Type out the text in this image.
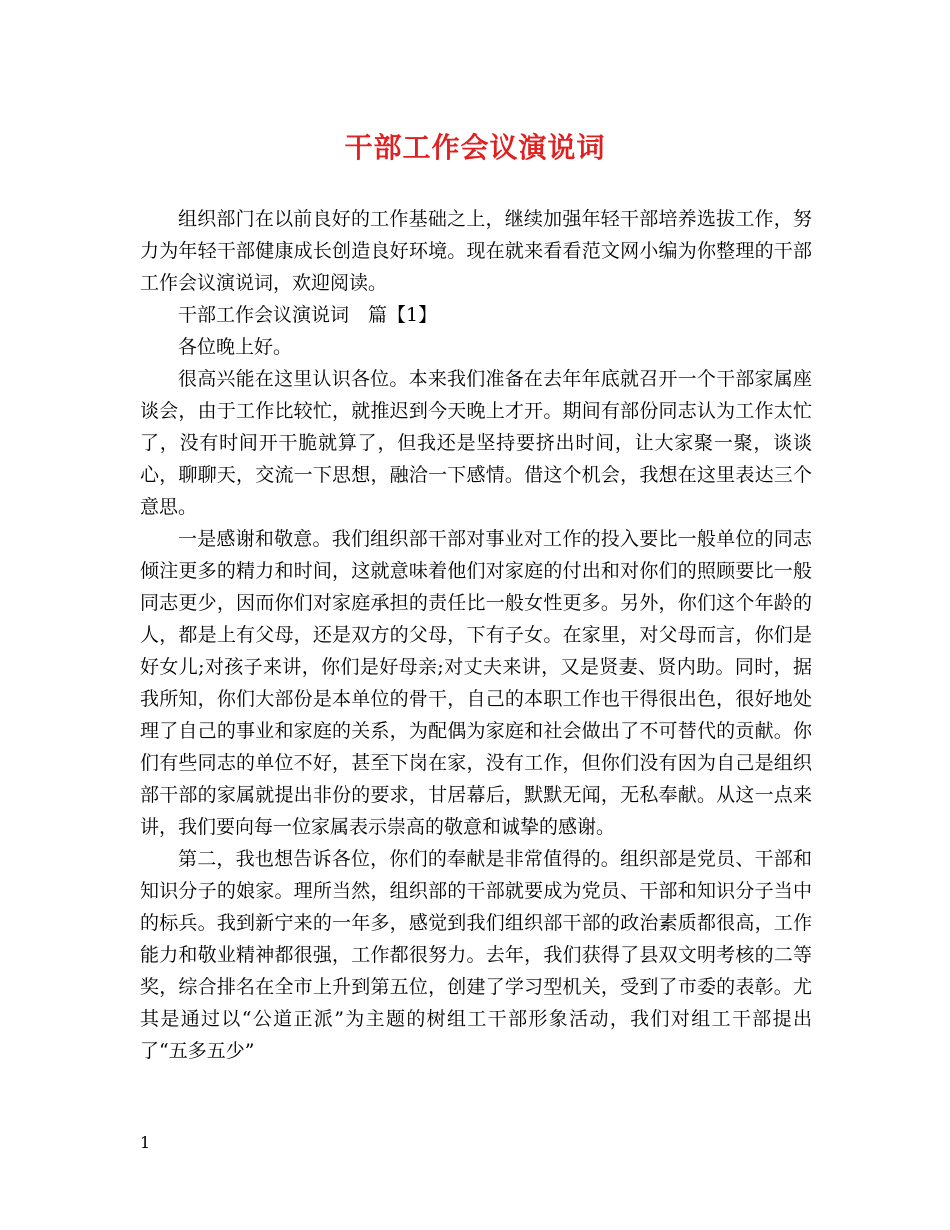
干部工作会议演说词

组织部门在以前良好的工作基础之上，继续加强年轻干部培养选拔工作，努力为年轻干部健康成长创造良好环境。现在就来看看范文网小编为你整理的干部工作会议演说词，欢迎阅读。

干部工作会议演说词　篇【1】

各位晚上好。

很高兴能在这里认识各位。本来我们准备在去年年底就召开一个干部家属座谈会，由于工作比较忙，就推迟到今天晚上才开。期间有部份同志认为工作太忙了，没有时间开干脆就算了，但我还是坚持要挤出时间，让大家聚一聚，谈谈心，聊聊天，交流一下思想，融洽一下感情。借这个机会，我想在这里表达三个意思。

一是感谢和敬意。我们组织部干部对事业对工作的投入要比一般单位的同志倾注更多的精力和时间，这就意味着他们对家庭的付出和对你们的照顾要比一般同志更少，因而你们对家庭承担的责任比一般女性更多。另外，你们这个年龄的人，都是上有父母，还是双方的父母，下有子女。在家里，对父母而言，你们是好女儿;对孩子来讲，你们是好母亲;对丈夫来讲，又是贤妻、贤内助。同时，据我所知，你们大部份是本单位的骨干，自己的本职工作也干得很出色，很好地处理了自己的事业和家庭的关系，为配偶为家庭和社会做出了不可替代的贡献。你们有些同志的单位不好，甚至下岗在家，没有工作，但你们没有因为自己是组织部干部的家属就提出非份的要求，甘居幕后，默默无闻，无私奉献。从这一点来讲，我们要向每一位家属表示崇高的敬意和诚挚的感谢。

第二，我也想告诉各位，你们的奉献是非常值得的。组织部是党员、干部和知识分子的娘家。理所当然，组织部的干部就要成为党员、干部和知识分子当中的标兵。我到新宁来的一年多，感觉到我们组织部干部的政治素质都很高，工作能力和敬业精神都很强，工作都很努力。去年，我们获得了县双文明考核的二等奖，综合排名在全市上升到第五位，创建了学习型机关，受到了市委的表彰。尤其是通过以“公道正派”为主题的树组工干部形象活动，我们对组工干部提出了“五多五少”

1
